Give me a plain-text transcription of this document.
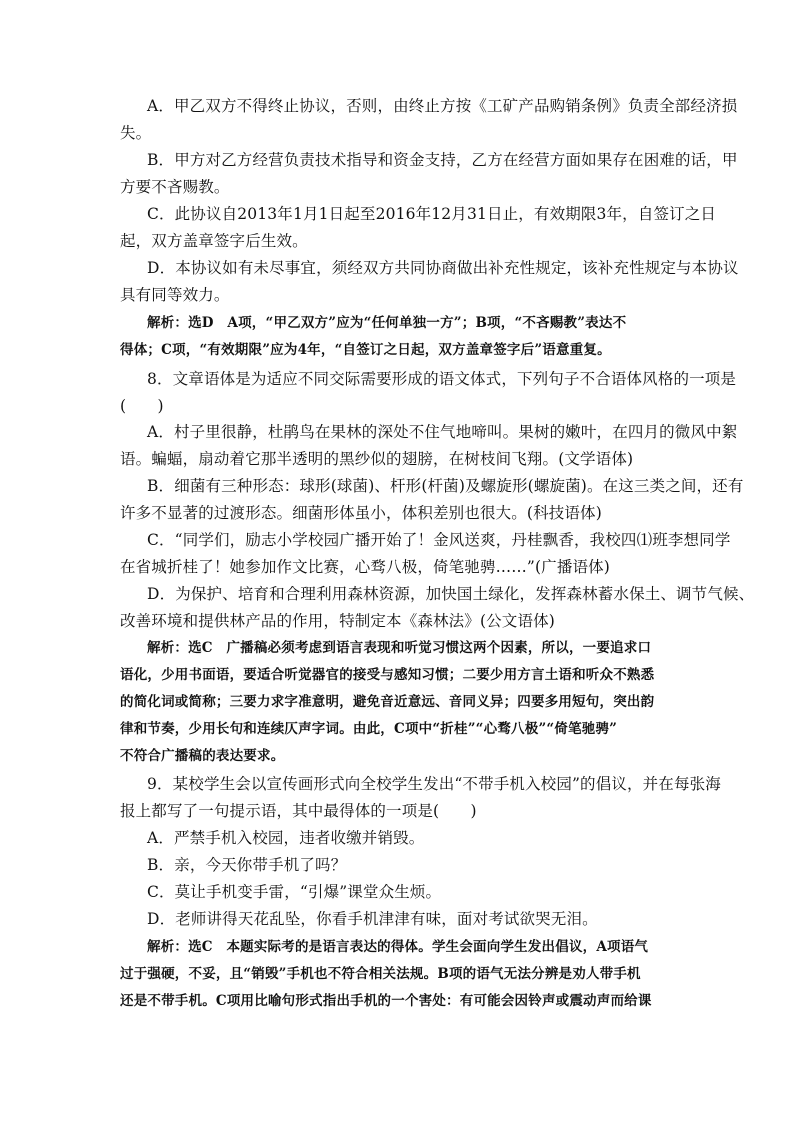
A．甲乙双方不得终止协议，否则，由终止方按《工矿产品购销条例》负责全部经济损
失。
B．甲方对乙方经营负责技术指导和资金支持，乙方在经营方面如果存在困难的话，甲
方要不吝赐教。
C．此协议自2013年1月1日起至2016年12月31日止，有效期限3年，自签订之日
起，双方盖章签字后生效。
D．本协议如有未尽事宜，须经双方共同协商做出补充性规定，该补充性规定与本协议
具有同等效力。
解析：选D　A项，“甲乙双方”应为“任何单独一方”；B项，“不吝赐教”表达不
得体；C项，“有效期限”应为4年，“自签订之日起，双方盖章签字后”语意重复。
8．文章语体是为适应不同交际需要形成的语文体式，下列句子不合语体风格的一项是
(　　)
A．村子里很静，杜鹃鸟在果林的深处不住气地啼叫。果树的嫩叶，在四月的微风中絮
语。蝙蝠，扇动着它那半透明的黑纱似的翅膀，在树枝间飞翔。(文学语体)
B．细菌有三种形态：球形(球菌)、杆形(杆菌)及螺旋形(螺旋菌)。在这三类之间，还有
许多不显著的过渡形态。细菌形体虽小，体积差别也很大。(科技语体)
C．“同学们，励志小学校园广播开始了！金风送爽，丹桂飘香，我校四⑴班李想同学
在省城折桂了！她参加作文比赛，心骛八极，倚笔驰骋……”(广播语体)
D．为保护、培育和合理利用森林资源，加快国土绿化，发挥森林蓄水保土、调节气候、
改善环境和提供林产品的作用，特制定本《森林法》(公文语体)
解析：选C　广播稿必须考虑到语言表现和听觉习惯这两个因素，所以，一要追求口
语化，少用书面语，要适合听觉器官的接受与感知习惯；二要少用方言土语和听众不熟悉
的简化词或简称；三要力求字准意明，避免音近意远、音同义异；四要多用短句，突出韵
律和节奏，少用长句和连续仄声字词。由此，C项中“折桂”“心骛八极”“倚笔驰骋”
不符合广播稿的表达要求。
9．某校学生会以宣传画形式向全校学生发出“不带手机入校园”的倡议，并在每张海
报上都写了一句提示语，其中最得体的一项是(　　)
A．严禁手机入校园，违者收缴并销毁。
B．亲，今天你带手机了吗？
C．莫让手机变手雷，“引爆”课堂众生烦。
D．老师讲得天花乱坠，你看手机津津有味，面对考试欲哭无泪。
解析：选C　本题实际考的是语言表达的得体。学生会面向学生发出倡议，A项语气
过于强硬，不妥，且“销毁”手机也不符合相关法规。B项的语气无法分辨是劝人带手机
还是不带手机。C项用比喻句形式指出手机的一个害处：有可能会因铃声或震动声而给课
